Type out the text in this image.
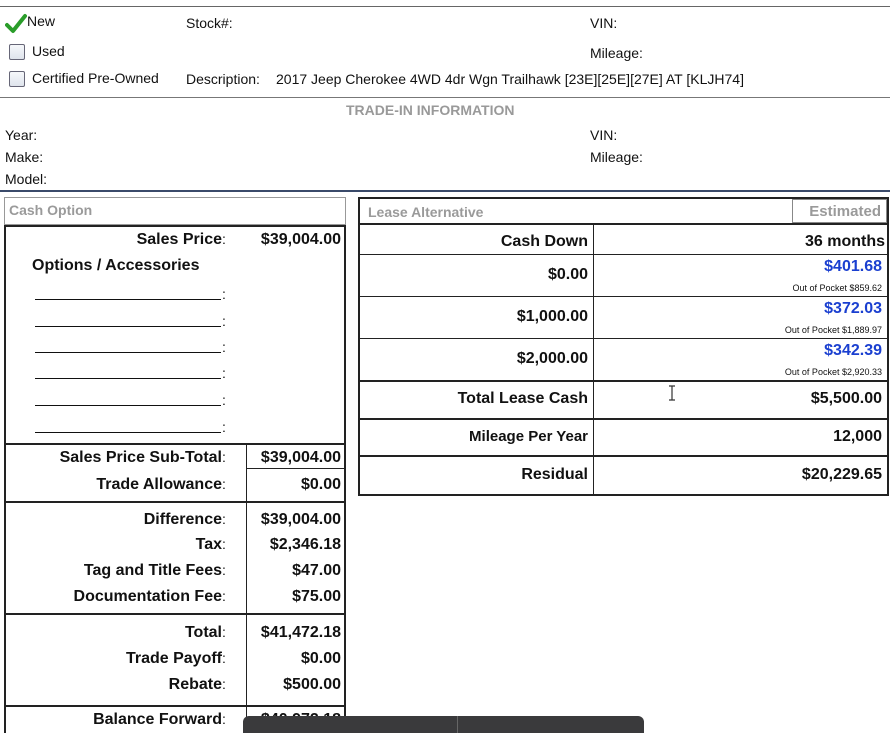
New
Used
Certified Pre-Owned
Stock#:	VIN:
Mileage:
Description: 2017 Jeep Cherokee 4WD 4dr Wgn Trailhawk [23E][25E][27E] AT [KLJH74]
TRADE-IN INFORMATION
Year:
Make:
Model:
VIN:
Mileage:
Cash Option
Sales Price : $39,004.00
Options / Accessories
:
:
:
:
:
:
Sales Price Sub-Total : $39,004.00
Trade Allowance :	$0.00
Difference : $39,004.00
Tax :	$2,346.18
Tag and Title Fees :	$47.00
Documentation Fee :	$75.00
Total : $41,472.18
Trade Payoff :	$0.00
Rebate :	$500.00
Balance Forward :
Lease Alternative	Estimated
Cash Down	36 months
$0.00	$401.68
Out of Pocket $859.62
$1,000.00	$372.03
Out of Pocket $1,889.97
$2,000.00	$342.39
Out of Pocket $2,920.33
Total Lease Cash	$5,500.00
Mileage Per Year	12,000
Residual	$20,229.65
